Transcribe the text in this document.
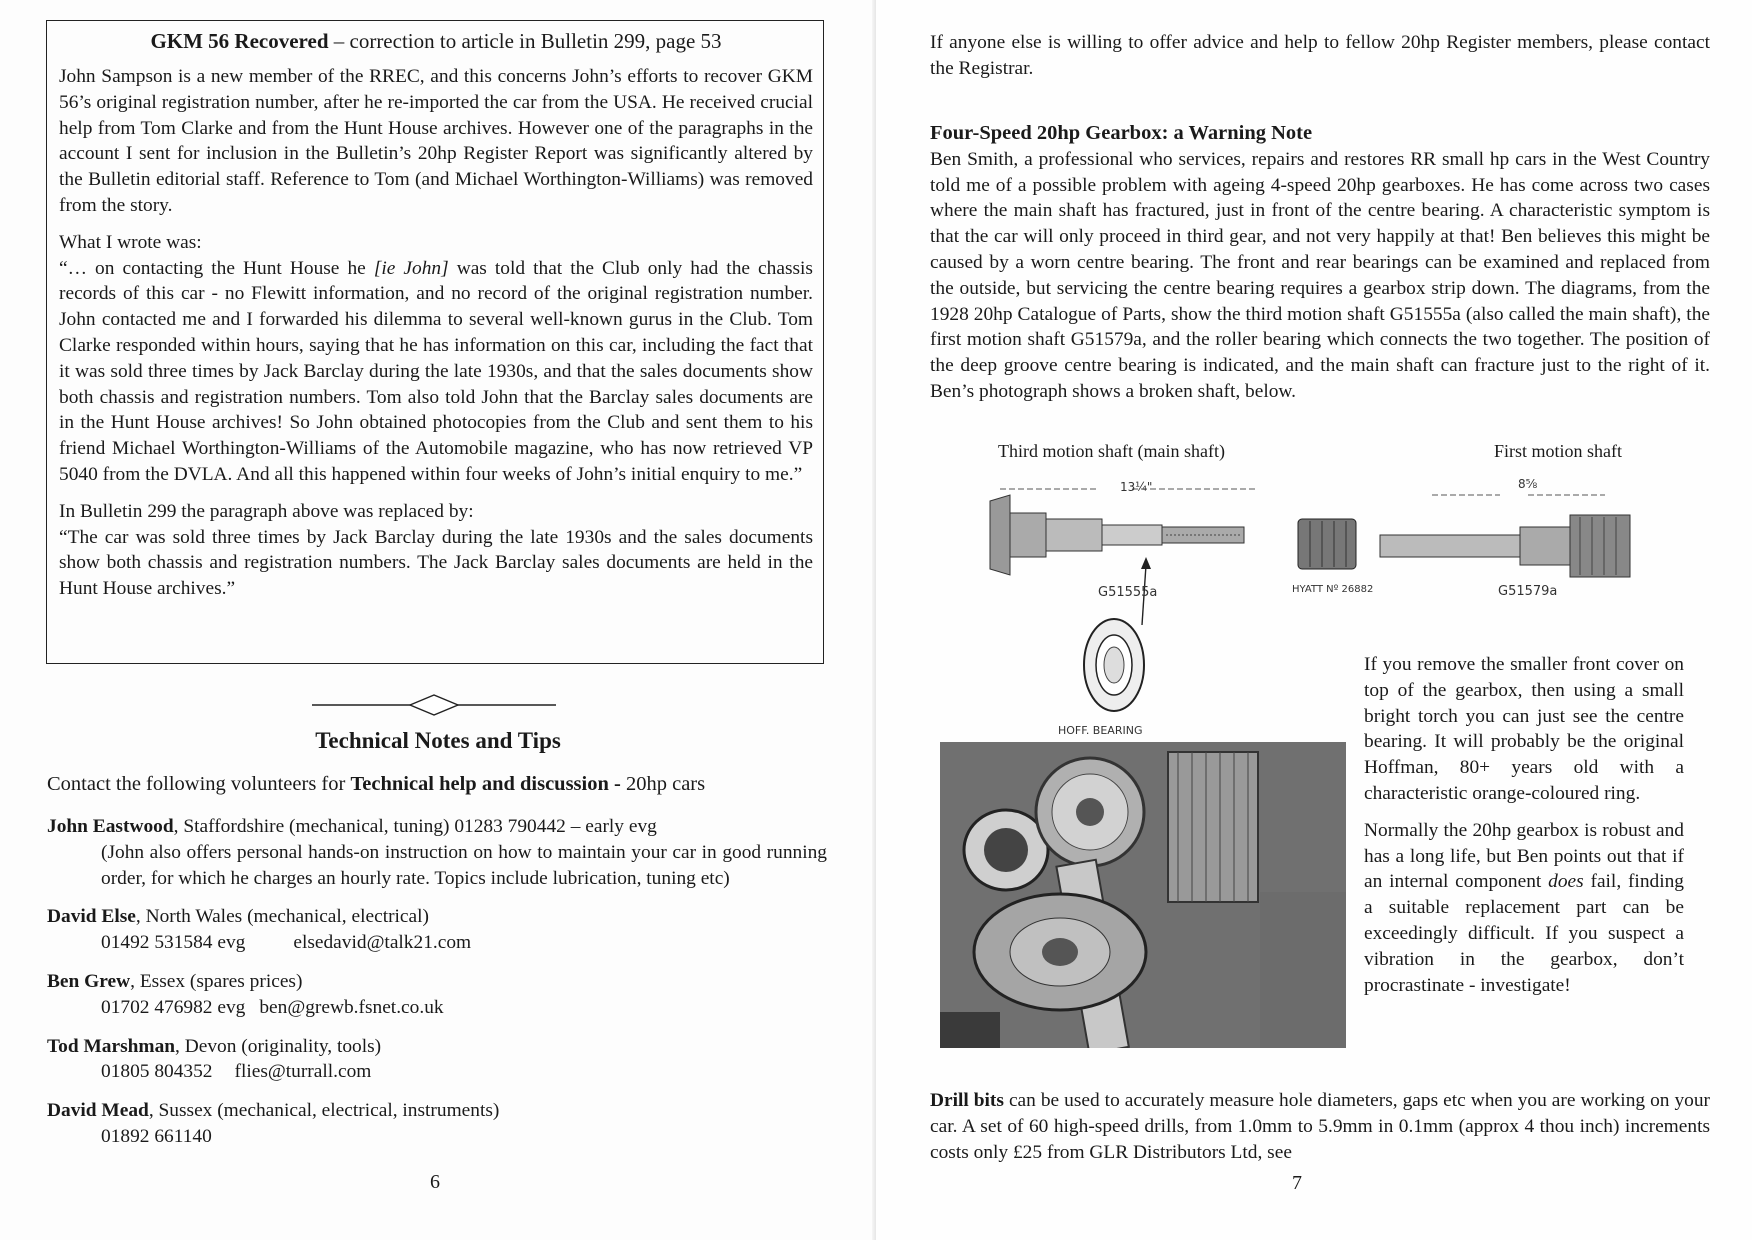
GKM 56 Recovered – correction to article in Bulletin 299, page 53

John Sampson is a new member of the RREC, and this concerns John’s efforts to recover GKM 56’s original registration number, after he re-imported the car from the USA. He received crucial help from Tom Clarke and from the Hunt House archives. However one of the paragraphs in the account I sent for inclusion in the Bulletin’s 20hp Register Report was significantly altered by the Bulletin editorial staff. Reference to Tom (and Michael Worthington-Williams) was removed from the story.

What I wrote was:

“… on contacting the Hunt House he [ie John] was told that the Club only had the chassis records of this car - no Flewitt information, and no record of the original registration number. John contacted me and I forwarded his dilemma to several well-known gurus in the Club. Tom Clarke responded within hours, saying that he has information on this car, including the fact that it was sold three times by Jack Barclay during the late 1930s, and that the sales documents show both chassis and registration numbers. Tom also told John that the Barclay sales documents are in the Hunt House archives! So John obtained photocopies from the Club and sent them to his friend Michael Worthington-Williams of the Automobile magazine, who has now retrieved VP 5040 from the DVLA. And all this happened within four weeks of John’s initial enquiry to me.”

In Bulletin 299 the paragraph above was replaced by:

“The car was sold three times by Jack Barclay during the late 1930s and the sales documents show both chassis and registration numbers. The Jack Barclay sales documents are held in the Hunt House archives.”

Technical Notes and Tips
Contact the following volunteers for Technical help and discussion - 20hp cars
John Eastwood, Staffordshire (mechanical, tuning) 01283 790442 – early evg
(John also offers personal hands-on instruction on how to maintain your car in good running order, for which he charges an hourly rate. Topics include lubrication, tuning etc)
David Else, North Wales (mechanical, electrical)
01492 531584 evg elsedavid@talk21.com
Ben Grew, Essex (spares prices)
01702 476982 evg ben@grewb.fsnet.co.uk
Tod Marshman, Devon (originality, tools)
01805 804352 flies@turrall.com
David Mead, Sussex (mechanical, electrical, instruments)
01892 661140
6

If anyone else is willing to offer advice and help to fellow 20hp Register members, please contact the Registrar.

Four-Speed 20hp Gearbox: a Warning Note

Ben Smith, a professional who services, repairs and restores RR small hp cars in the West Country told me of a possible problem with ageing 4-speed 20hp gearboxes. He has come across two cases where the main shaft has fractured, just in front of the centre bearing. A characteristic symptom is that the car will only proceed in third gear, and not very happily at that! Ben believes this might be caused by a worn centre bearing. The front and rear bearings can be examined and replaced from the outside, but servicing the centre bearing requires a gearbox strip down. The diagrams, from the 1928 20hp Catalogue of Parts, show the third motion shaft G51555a (also called the main shaft), the first motion shaft G51579a, and the roller bearing which connects the two together. The position of the deep groove centre bearing is indicated, and the main shaft can fracture just to the right of it. Ben’s photograph shows a broken shaft, below.

Third motion shaft (main shaft)	First motion shaft
13¼"	8⅝
G51555a	HYATT Nº 26882	G51579a
HOFF. BEARING

If you remove the smaller front cover on top of the gearbox, then using a small bright torch you can just see the centre bearing. It will probably be the original Hoffman, 80+ years old with a characteristic orange-coloured ring.

Normally the 20hp gearbox is robust and has a long life, but Ben points out that if an internal component does fail, finding a suitable replacement part can be exceedingly difficult. If you suspect a vibration in the gearbox, don’t procrastinate - investigate!

Drill bits can be used to accurately measure hole diameters, gaps etc when you are working on your car. A set of 60 high-speed drills, from 1.0mm to 5.9mm in 0.1mm (approx 4 thou inch) increments costs only £25 from GLR Distributors Ltd, see

7
